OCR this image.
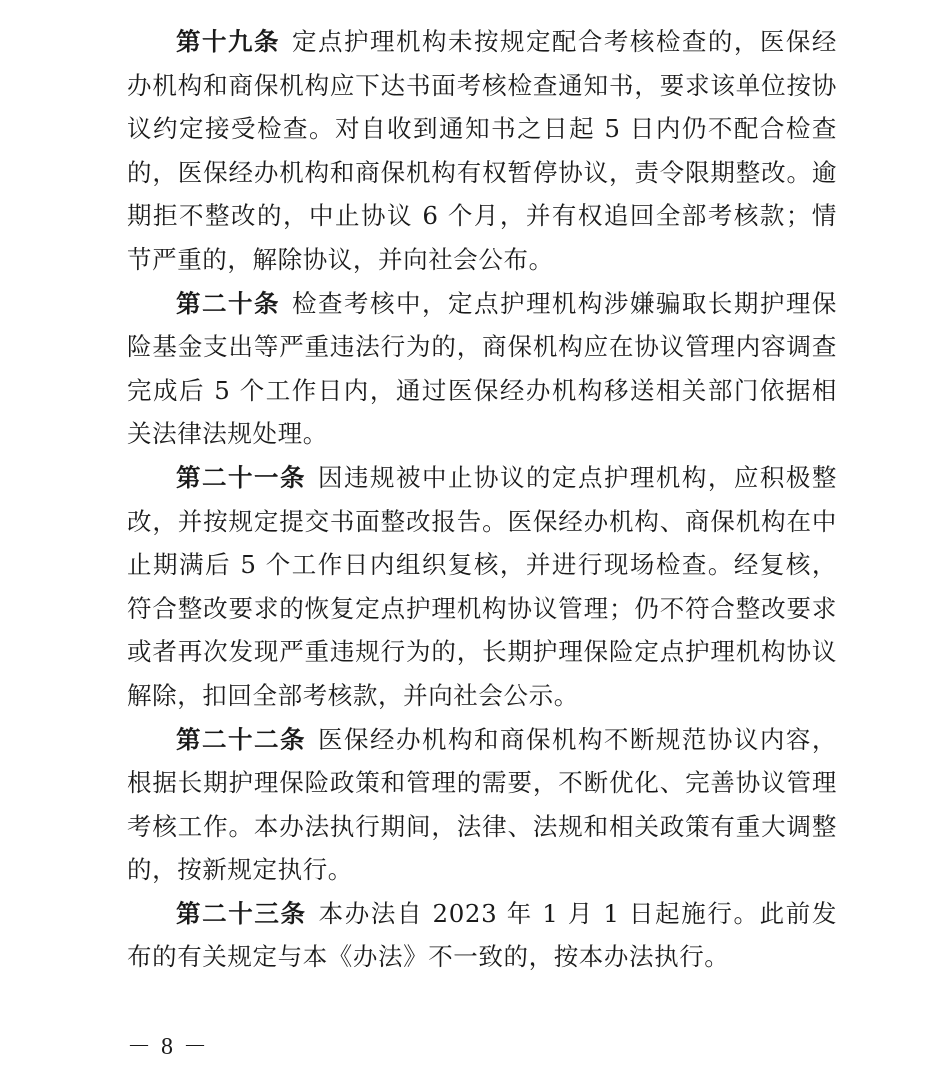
第十九条 定点护理机构未按规定配合考核检查的，医保经办机构和商保机构应下达书面考核检查通知书，要求该单位按协议约定接受检查。对自收到通知书之日起 5 日内仍不配合检查的，医保经办机构和商保机构有权暂停协议，责令限期整改。逾期拒不整改的，中止协议 6 个月，并有权追回全部考核款；情节严重的，解除协议，并向社会公布。

第二十条 检查考核中，定点护理机构涉嫌骗取长期护理保险基金支出等严重违法行为的，商保机构应在协议管理内容调查完成后 5 个工作日内，通过医保经办机构移送相关部门依据相关法律法规处理。

第二十一条 因违规被中止协议的定点护理机构，应积极整改，并按规定提交书面整改报告。医保经办机构、商保机构在中止期满后 5 个工作日内组织复核，并进行现场检查。经复核，符合整改要求的恢复定点护理机构协议管理；仍不符合整改要求或者再次发现严重违规行为的，长期护理保险定点护理机构协议解除，扣回全部考核款，并向社会公示。

第二十二条 医保经办机构和商保机构不断规范协议内容，根据长期护理保险政策和管理的需要，不断优化、完善协议管理考核工作。本办法执行期间，法律、法规和相关政策有重大调整的，按新规定执行。

第二十三条 本办法自 2023 年 1 月 1 日起施行。此前发布的有关规定与本《办法》不一致的，按本办法执行。

－ 8 －
